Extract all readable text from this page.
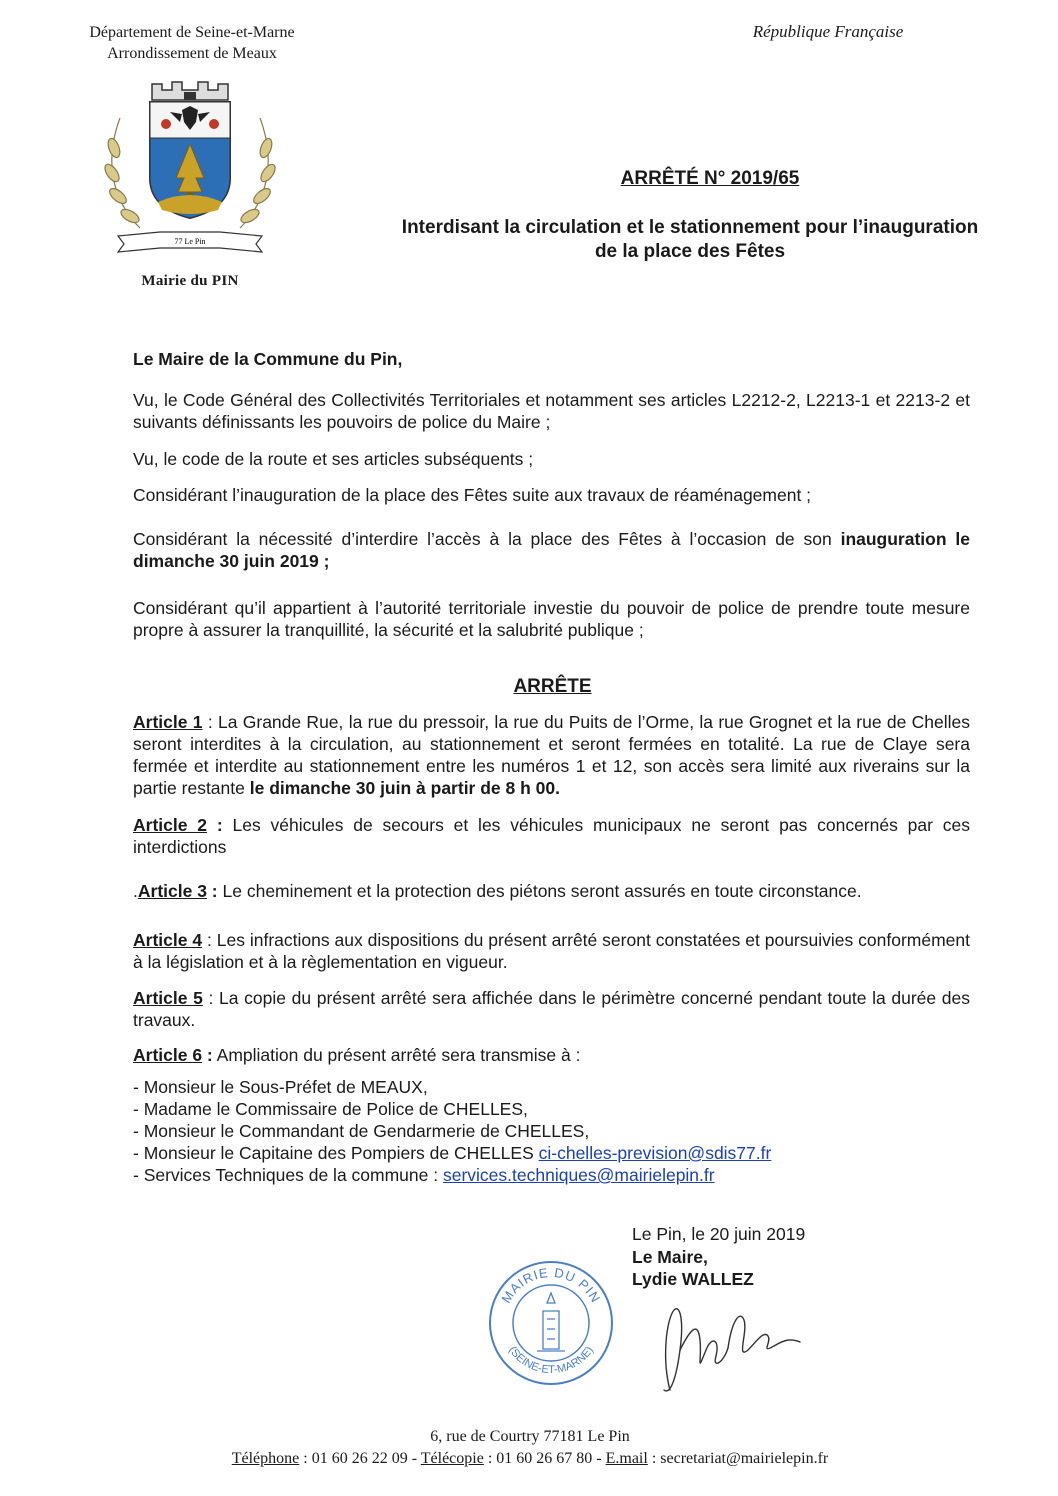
Département de Seine-et-Marne
Arrondissement de Meaux
République Française
77 Le Pin
Mairie du PIN
ARRÊTÉ N° 2019/65
Interdisant la circulation et le stationnement pour l’inauguration
de la place des Fêtes
Le Maire de la Commune du Pin,
Vu, le Code Général des Collectivités Territoriales et notamment ses articles L2212-2, L2213-1 et 2213-2 et suivants définissants les pouvoirs de police du Maire ;
Vu, le code de la route et ses articles subséquents ;
Considérant l’inauguration de la place des Fêtes suite aux travaux de réaménagement ;
Considérant la nécessité d’interdire l’accès à la place des Fêtes à l’occasion de son inauguration le dimanche 30 juin 2019 ;
Considérant qu’il appartient à l’autorité territoriale investie du pouvoir de police de prendre toute mesure propre à assurer la tranquillité, la sécurité et la salubrité publique ;
ARRÊTE
Article 1 : La Grande Rue, la rue du pressoir, la rue du Puits de l’Orme, la rue Grognet et la rue de Chelles seront interdites à la circulation, au stationnement et seront fermées en totalité. La rue de Claye sera fermée et interdite au stationnement entre les numéros 1 et 12, son accès sera limité aux riverains sur la partie restante le dimanche 30 juin à partir de 8 h 00.
Article 2 : Les véhicules de secours et les véhicules municipaux ne seront pas concernés par ces interdictions
.Article 3 : Le cheminement et la protection des piétons seront assurés en toute circonstance.
Article 4 : Les infractions aux dispositions du présent arrêté seront constatées et poursuivies conformément à la législation et à la règlementation en vigueur.
Article 5 : La copie du présent arrêté sera affichée dans le périmètre concerné pendant toute la durée des travaux.
Article 6 : Ampliation du présent arrêté sera transmise à :
- Monsieur le Sous-Préfet de MEAUX,
- Madame le Commissaire de Police de CHELLES,
- Monsieur le Commandant de Gendarmerie de CHELLES,
- Monsieur le Capitaine des Pompiers de CHELLES ci-chelles-prevision@sdis77.fr
- Services Techniques de la commune : services.techniques@mairielepin.fr
Le Pin, le 20 juin 2019
Le Maire,
Lydie WALLEZ
MAIRIE DU PIN
(SEINE-ET-MARNE)
6, rue de Courtry 77181 Le Pin
Téléphone : 01 60 26 22 09 - Télécopie : 01 60 26 67 80 - E.mail : secretariat@mairielepin.fr
